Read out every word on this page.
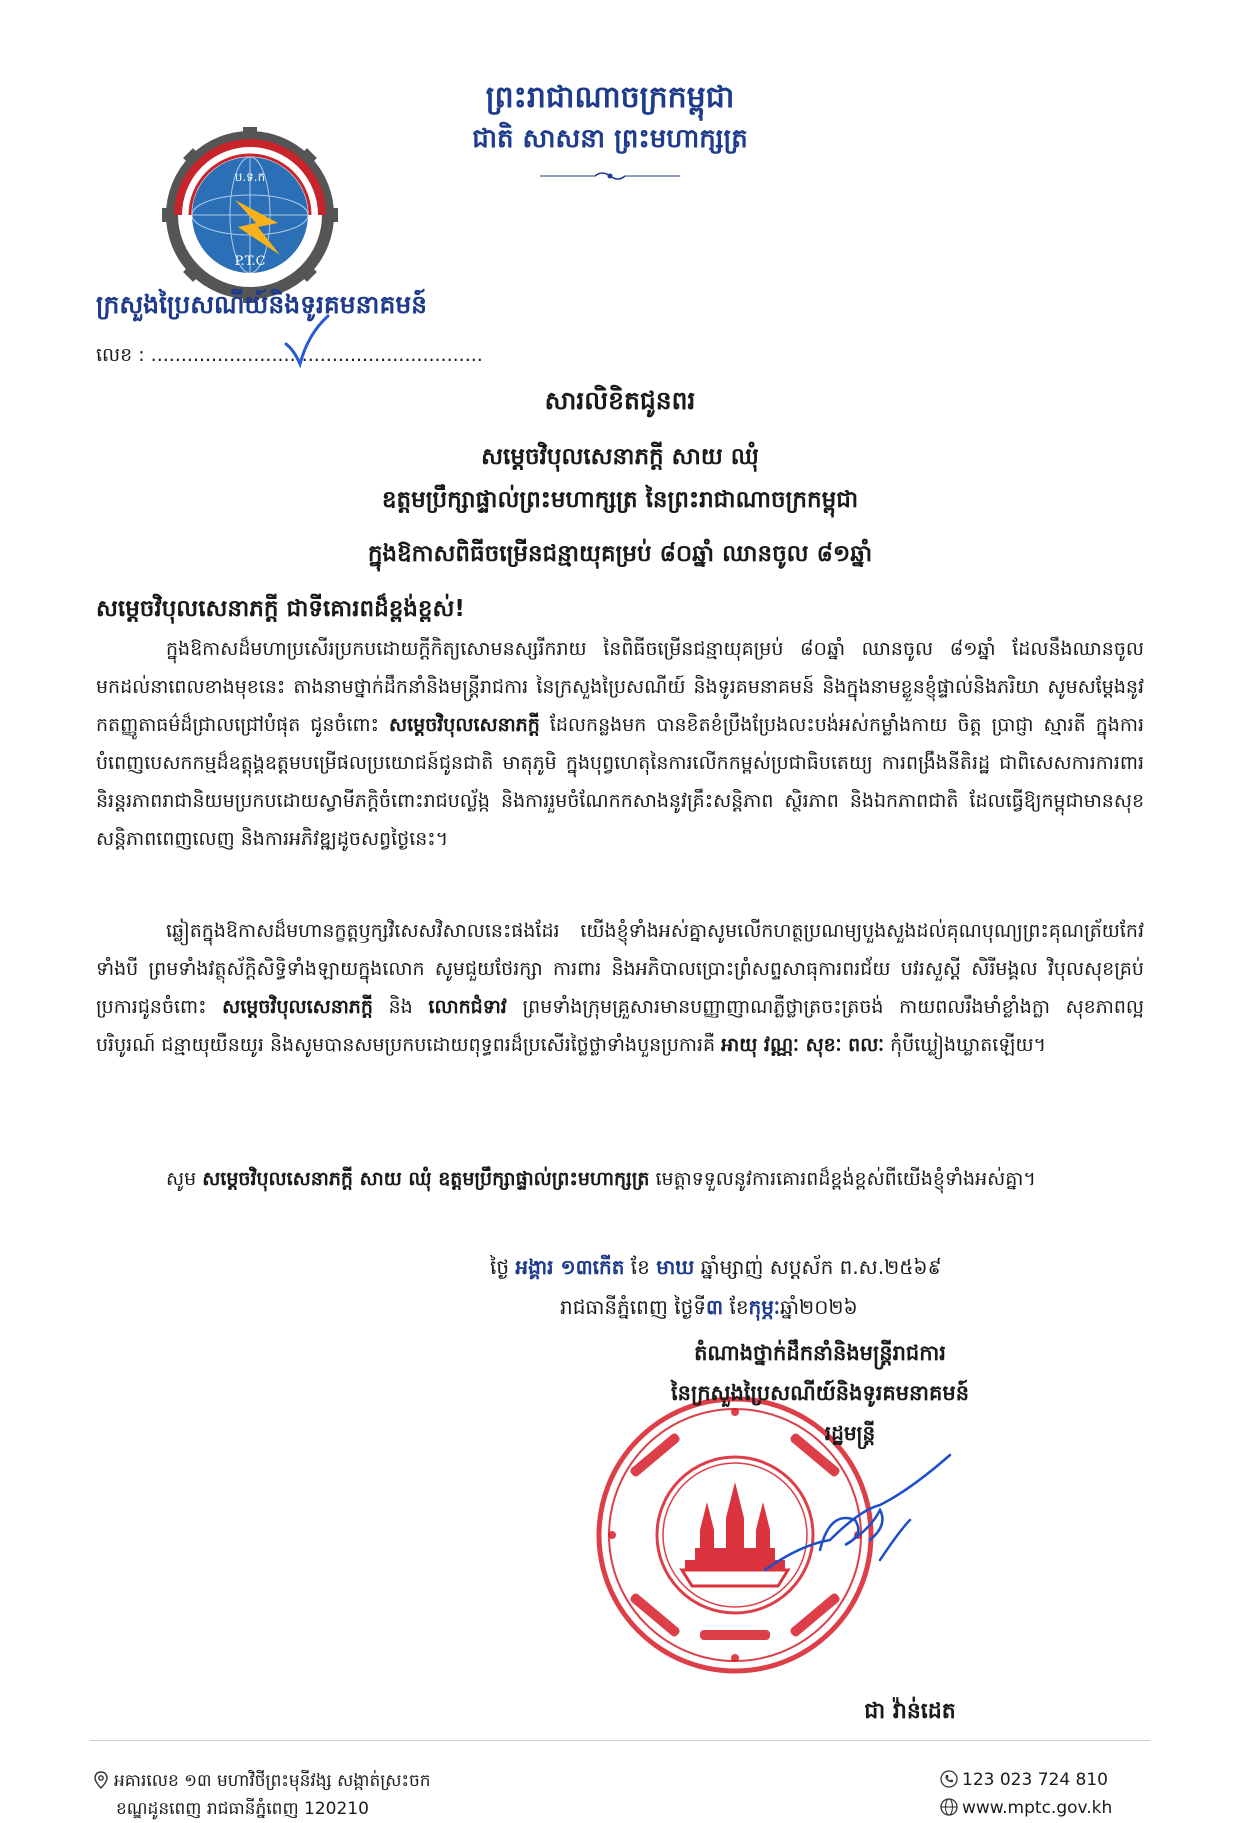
ព្រះរាជាណាចក្រកម្ពុជា
ជាតិ សាសនា ព្រះមហាក្សត្រ
ប.ទ.ក
P.T.C
ក្រសួងប្រៃសណីយ៍និងទូរគមនាគមន៍
លេខ : .......................................................
សារលិខិតជូនពរ
សម្តេចវិបុលសេនាភក្តី សាយ ឈុំ
ឧត្តមប្រឹក្សាផ្ទាល់ព្រះមហាក្សត្រ នៃព្រះរាជាណាចក្រកម្ពុជា
ក្នុងឱកាសពិធីចម្រើនជន្មាយុគម្រប់ ៨០ឆ្នាំ ឈានចូល ៨១ឆ្នាំ
សម្តេចវិបុលសេនាភក្តី ជាទីគោរពដ៏ខ្ពង់ខ្ពស់!
ក្នុងឱកាសដ៏មហាប្រសើរប្រកបដោយក្តីកិត្យសោមនស្សរីករាយ នៃពិធីចម្រើនជន្មាយុគម្រប់ ៨០ឆ្នាំ ឈានចូល ៨១ឆ្នាំ ដែលនឹងឈានចូលមកដល់នាពេលខាងមុខនេះ តាងនាមថ្នាក់ដឹកនាំនិងមន្ត្រីរាជការ នៃក្រសួងប្រៃសណីយ៍ និងទូរគមនាគមន៍ និងក្នុងនាមខ្លួនខ្ញុំផ្ទាល់និងភរិយា សូមសម្តែងនូវកតញ្ញូតាធម៌ដ៏ជ្រាលជ្រៅបំផុត ជូនចំពោះ សម្តេចវិបុលសេនាភក្តី ដែលកន្លងមក បានខិតខំប្រឹងប្រែងលះបង់អស់កម្លាំងកាយ ចិត្ត ប្រាជ្ញា ស្មារតី ក្នុងការបំពេញបេសកកម្មដ៏ឧត្តុង្គឧត្តមបម្រើផលប្រយោជន៍ជូនជាតិ មាតុភូមិ ក្នុងបុព្វហេតុនៃការលើកកម្ពស់ប្រជាធិបតេយ្យ ការពង្រឹងនីតិរដ្ឋ ជាពិសេសការការពារនិរន្តរភាពរាជានិយមប្រកបដោយស្វាមីភក្តិចំពោះរាជបល្ល័ង្ក និងការរួមចំណែកកសាងនូវគ្រឹះសន្តិភាព ស្ថិរភាព និងឯកភាពជាតិ ដែលធ្វើឱ្យកម្ពុជាមានសុខសន្តិភាពពេញលេញ និងការអភិវឌ្ឍដូចសព្វថ្ងៃនេះ។
ឆ្លៀតក្នុងឱកាសដ៏មហានក្ខត្តឫក្សវិសេសវិសាលនេះផងដែរ យើងខ្ញុំទាំងអស់គ្នាសូមលើកហត្ថប្រណម្យបួងសួងដល់គុណបុណ្យព្រះគុណត្រ័យកែវទាំងបី ព្រមទាំងវត្ថុស័ក្តិសិទ្ធិទាំងឡាយក្នុងលោក សូមជួយថែរក្សា ការពារ និងអភិបាលប្រោះព្រំសព្ទសាធុការពរជ័យ បវរសួស្តី សិរីមង្គល វិបុលសុខគ្រប់ប្រការជូនចំពោះ សម្តេចវិបុលសេនាភក្តី និង លោកជំទាវ ព្រមទាំងក្រុមគ្រួសារមានបញ្ញាញាណភ្លឺថ្លាត្រចះត្រចង់ កាយពលរឹងមាំខ្លាំងក្លា សុខភាពល្អបរិបូរណ៍ ជន្មាយុយឺនយូរ និងសូមបានសមប្រកបដោយពុទ្ធពរដ៏ប្រសើរថ្លៃថ្លាទាំងបួនប្រការគឺ អាយុ វណ្ណៈ សុខៈ ពលៈ កុំបីឃ្លៀងឃ្លាតឡើយ។
សូម សម្តេចវិបុលសេនាភក្តី សាយ ឈុំ ឧត្តមប្រឹក្សាផ្ទាល់ព្រះមហាក្សត្រ មេត្តាទទួលនូវការគោរពដ៏ខ្ពង់ខ្ពស់ពីយើងខ្ញុំទាំងអស់គ្នា។
ថ្ងៃ អង្គារ ១៣កើត ខែ មាឃ ឆ្នាំម្សាញ់ សប្តស័ក ព.ស.២៥៦៩
រាជធានីភ្នំពេញ ថ្ងៃទី៣ ខែកុម្ភៈឆ្នាំ២០២៦
តំណាងថ្នាក់ដឹកនាំនិងមន្ត្រីរាជការ
នៃក្រសួងប្រៃសណីយ៍និងទូរគមនាគមន៍
រដ្ឋមន្ត្រី
ជា វ៉ាន់ដេត
អគារលេខ ១៣ មហាវិថីព្រះមុនីវង្ស សង្កាត់ស្រះចក
ខណ្ឌដូនពេញ រាជធានីភ្នំពេញ 120210
123 023 724 810
www.mptc.gov.kh
